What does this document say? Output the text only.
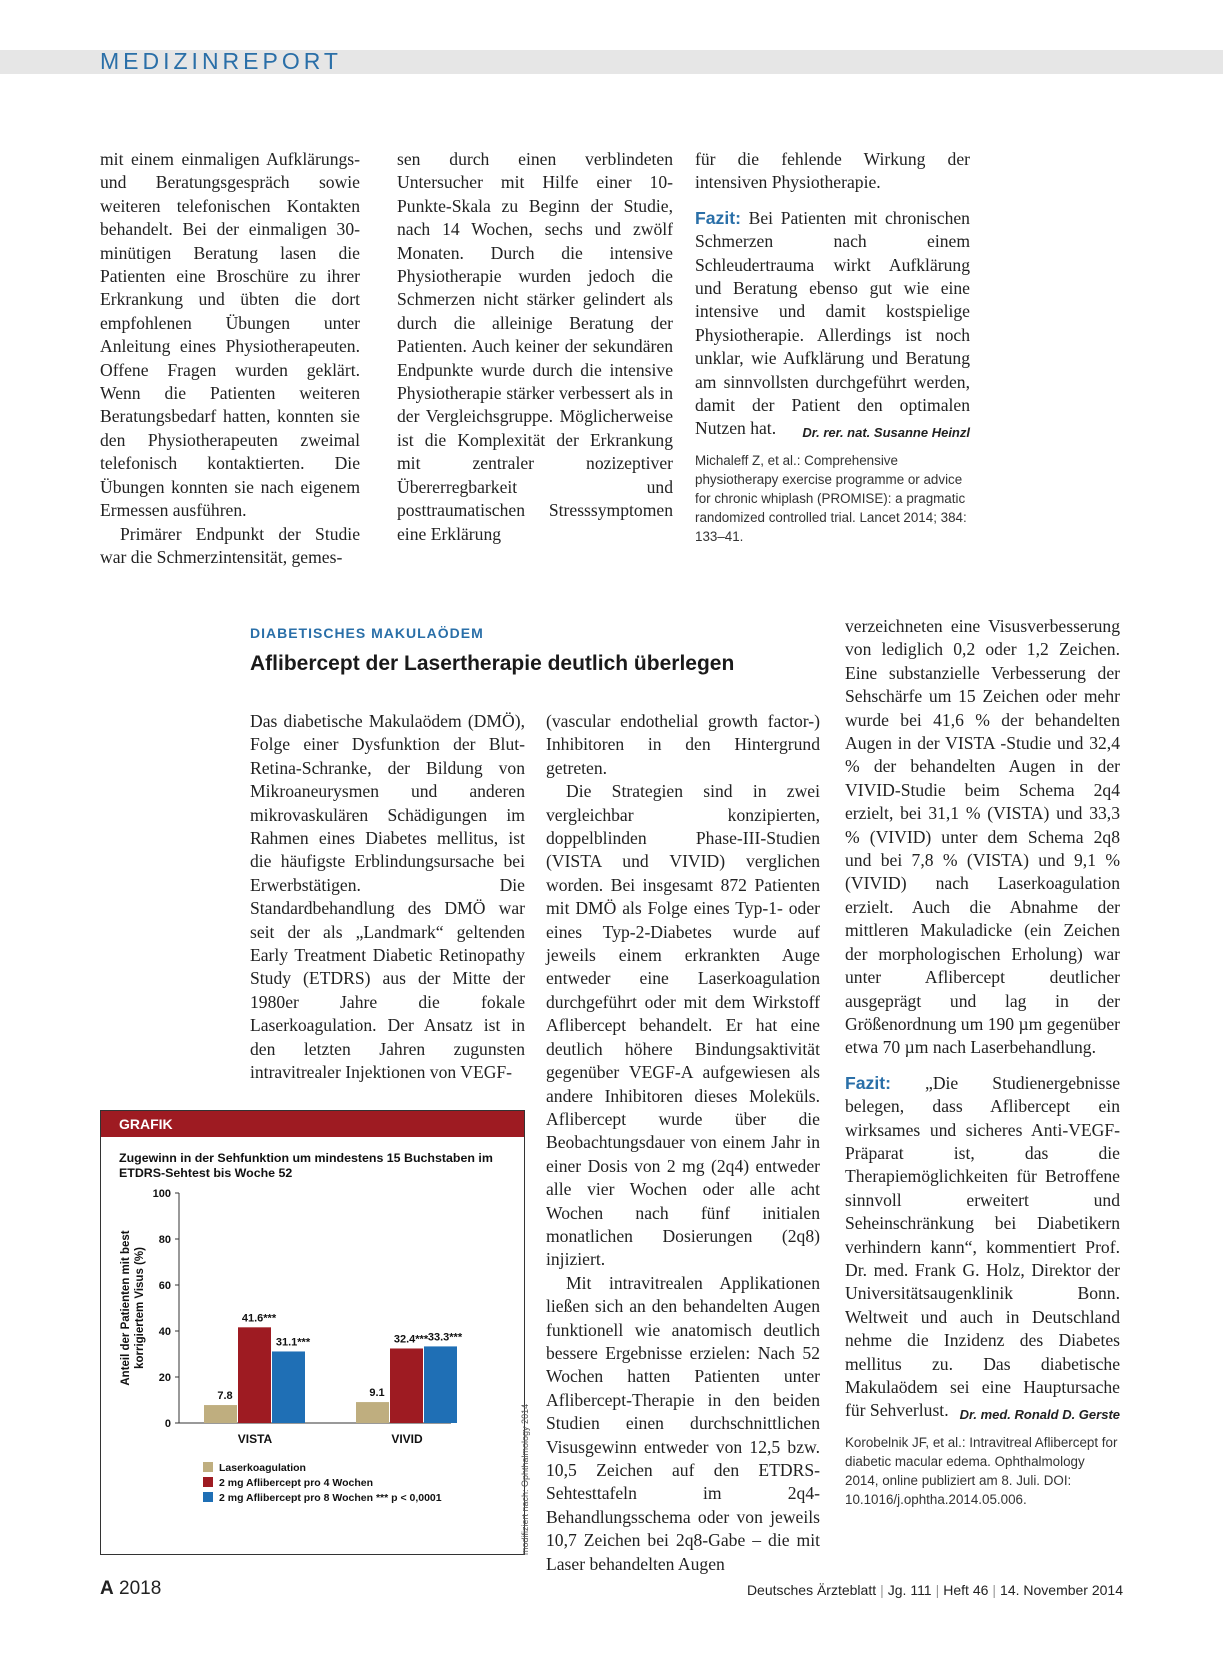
MEDIZINREPORT

mit einem einmaligen Aufklärungs- und Beratungsgespräch sowie weiteren telefonischen Kontakten behandelt. Bei der einmaligen 30-minütigen Beratung lasen die Patienten eine Broschüre zu ihrer Erkrankung und übten die dort empfohlenen Übungen unter Anleitung eines Physiotherapeuten. Offene Fragen wurden geklärt. Wenn die Patienten weiteren Beratungsbedarf hatten, konnten sie den Physiotherapeuten zweimal telefonisch kontaktierten. Die Übungen konnten sie nach eigenem Ermessen ausführen.

Primärer Endpunkt der Studie war die Schmerzintensität, gemes-

sen durch einen verblindeten Untersucher mit Hilfe einer 10-Punkte-Skala zu Beginn der Studie, nach 14 Wochen, sechs und zwölf Monaten. Durch die intensive Physiotherapie wurden jedoch die Schmerzen nicht stärker gelindert als durch die alleinige Beratung der Patienten. Auch keiner der sekundären Endpunkte wurde durch die intensive Physiotherapie stärker verbessert als in der Vergleichsgruppe. Möglicherweise ist die Komplexität der Erkrankung mit zentraler nozizeptiver Übererregbarkeit und posttraumatischen Stresssymptomen eine Erklärung

für die fehlende Wirkung der intensiven Physiotherapie.

Fazit: Bei Patienten mit chronischen Schmerzen nach einem Schleudertrauma wirkt Aufklärung und Beratung ebenso gut wie eine intensive und damit kostspielige Physiotherapie. Allerdings ist noch unklar, wie Aufklärung und Beratung am sinnvollsten durchgeführt werden, damit der Patient den optimalen Nutzen hat. Dr. rer. nat. Susanne Heinzl

Michaleff Z, et al.: Comprehensive physiotherapy exercise programme or advice for chronic whiplash (PROMISE): a pragmatic randomized controlled trial. Lancet 2014; 384: 133–41.

DIABETISCHES MAKULAÖDEM
Aflibercept der Lasertherapie deutlich überlegen

Das diabetische Makulaödem (DMÖ), Folge einer Dysfunktion der Blut-Retina-Schranke, der Bildung von Mikroaneurysmen und anderen mikrovaskulären Schädigungen im Rahmen eines Diabetes mellitus, ist die häufigste Erblindungsursache bei Erwerbstätigen. Die Standardbehandlung des DMÖ war seit der als „Landmark“ geltenden Early Treatment Diabetic Retinopathy Study (ETDRS) aus der Mitte der 1980er Jahre die fokale Laserkoagulation. Der Ansatz ist in den letzten Jahren zugunsten intravitrealer Injektionen von VEGF-

(vascular endothelial growth factor-) Inhibitoren in den Hintergrund getreten.

Die Strategien sind in zwei vergleichbar konzipierten, doppelblinden Phase-III-Studien (VISTA und VIVID) verglichen worden. Bei insgesamt 872 Patienten mit DMÖ als Folge eines Typ-1- oder eines Typ-2-Diabetes wurde auf jeweils einem erkrankten Auge entweder eine Laserkoagulation durchgeführt oder mit dem Wirkstoff Aflibercept behandelt. Er hat eine deutlich höhere Bindungsaktivität gegenüber VEGF-A aufgewiesen als andere Inhibitoren dieses Moleküls. Aflibercept wurde über die Beobachtungsdauer von einem Jahr in einer Dosis von 2 mg (2q4) entweder alle vier Wochen oder alle acht Wochen nach fünf initialen monatlichen Dosierungen (2q8) injiziert.

Mit intravitrealen Applikationen ließen sich an den behandelten Augen funktionell wie anatomisch deutlich bessere Ergebnisse erzielen: Nach 52 Wochen hatten Patienten unter Aflibercept-Therapie in den beiden Studien einen durchschnittlichen Visusgewinn entweder von 12,5 bzw. 10,5 Zeichen auf den ETDRS-Sehtesttafeln im 2q4-Behandlungsschema oder von jeweils 10,7 Zeichen bei 2q8-Gabe – die mit Laser behandelten Augen

verzeichneten eine Visusverbesserung von lediglich 0,2 oder 1,2 Zeichen. Eine substanzielle Verbesserung der Sehschärfe um 15 Zeichen oder mehr wurde bei 41,6 % der behandelten Augen in der VISTA -Studie und 32,4 % der behandelten Augen in der VIVID-Studie beim Schema 2q4 erzielt, bei 31,1 % (VISTA) und 33,3 % (VIVID) unter dem Schema 2q8 und bei 7,8 % (VISTA) und 9,1 % (VIVID) nach Laserkoagulation erzielt. Auch die Abnahme der mittleren Makuladicke (ein Zeichen der morphologischen Erholung) war unter Aflibercept deutlicher ausgeprägt und lag in der Größenordnung um 190 µm gegenüber etwa 70 µm nach Laserbehandlung.

Fazit: „Die Studienergebnisse belegen, dass Aflibercept ein wirksames und sicheres Anti-VEGF-Präparat ist, das die Therapiemöglichkeiten für Betroffene sinnvoll erweitert und Seheinschränkung bei Diabetikern verhindern kann“, kommentiert Prof. Dr. med. Frank G. Holz, Direktor der Universitätsaugenklinik Bonn. Weltweit und auch in Deutschland nehme die Inzidenz des Diabetes mellitus zu. Das diabetische Makulaödem sei eine Hauptursache für Sehverlust. Dr. med. Ronald D. Gerste

Korobelnik JF, et al.: Intravitreal Aflibercept for diabetic macular edema. Ophthalmology 2014, online publiziert am 8. Juli. DOI: 10.1016/j.ophtha.2014.05.006.

GRAFIK
Zugewinn in der Sehfunktion um mindestens 15 Buchstaben im ETDRS-Sehtest bis Woche 52
0
20
40
60
80
100
Anteil der Patienten mit best korrigiertem Visus (%)
7.8
41.6***
31.1***
VISTA
9.1
32.4*** 33.3***
VIVID
Laserkoagulation
2 mg Aflibercept pro 4 Wochen
2 mg Aflibercept pro 8 Wochen *** p < 0,0001	modifiziert nach: Ophthalmology 2014
A 2018	Deutsches Ärzteblatt | Jg. 111 | Heft 46 | 14. November 2014
